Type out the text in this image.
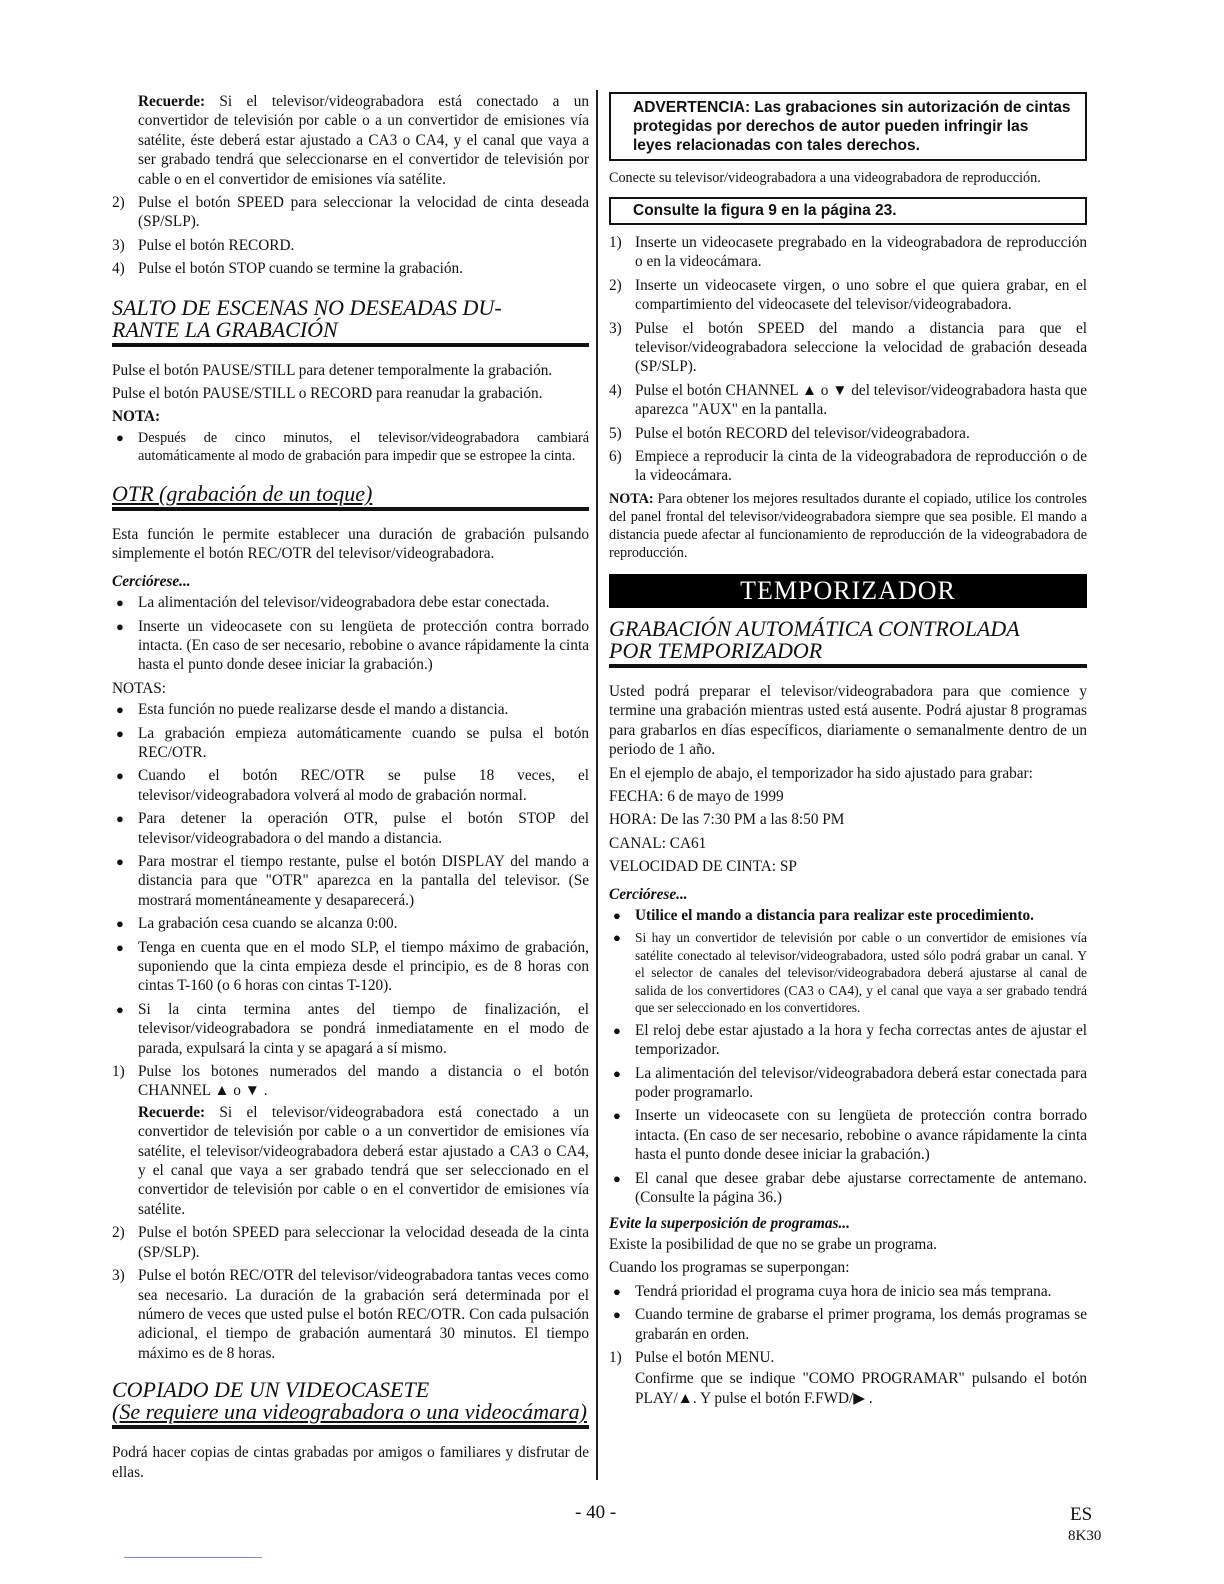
Recuerde: Si el televisor/videograbadora está conectado a un convertidor de televisión por cable o a un convertidor de emisiones vía satélite, éste deberá estar ajustado a CA3 o CA4, y el canal que vaya a ser grabado tendrá que seleccionarse en el convertidor de televisión por cable o en el convertidor de emisiones vía satélite.

2) Pulse el botón SPEED para seleccionar la velocidad de cinta deseada (SP/SLP).
3) Pulse el botón RECORD.
4) Pulse el botón STOP cuando se termine la grabación.
SALTO DE ESCENAS NO DESEADAS DU-
RANTE LA GRABACIÓN

Pulse el botón PAUSE/STILL para detener temporalmente la grabación.

Pulse el botón PAUSE/STILL o RECORD para reanudar la grabación.

NOTA:

● Después de cinco minutos, el televisor/videograbadora cambiará automáticamente al modo de grabación para impedir que se estropee la cinta.
OTR (grabación de un toque)

Esta función le permite establecer una duración de grabación pulsando simplemente el botón REC/OTR del televisor/videograbadora.

Cerciórese...

● La alimentación del televisor/videograbadora debe estar conectada.
● Inserte un videocasete con su lengüeta de protección contra borrado intacta. (En caso de ser necesario, rebobine o avance rápidamente la cinta hasta el punto donde desee iniciar la grabación.)

NOTAS:

● Esta función no puede realizarse desde el mando a distancia.
● La grabación empieza automáticamente cuando se pulsa el botón REC/OTR.
● Cuando el botón REC/OTR se pulse 18 veces, el televisor/videograbadora volverá al modo de grabación normal.
● Para detener la operación OTR, pulse el botón STOP del televisor/videograbadora o del mando a distancia.
● Para mostrar el tiempo restante, pulse el botón DISPLAY del mando a distancia para que "OTR" aparezca en la pantalla del televisor. (Se mostrará momentáneamente y desaparecerá.)
● La grabación cesa cuando se alcanza 0:00.
● Tenga en cuenta que en el modo SLP, el tiempo máximo de grabación, suponiendo que la cinta empieza desde el principio, es de 8 horas con cintas T-160 (o 6 horas con cintas T-120).
● Si la cinta termina antes del tiempo de finalización, el televisor/videograbadora se pondrá inmediatamente en el modo de parada, expulsará la cinta y se apagará a sí mismo.
1) Pulse los botones numerados del mando a distancia o el botón CHANNEL ▲ o ▼ .
Recuerde: Si el televisor/videograbadora está conectado a un convertidor de televisión por cable o a un convertidor de emisiones vía satélite, el televisor/videograbadora deberá estar ajustado a CA3 o CA4, y el canal que vaya a ser grabado tendrá que ser seleccionado en el convertidor de televisión por cable o en el convertidor de emisiones vía satélite.
2) Pulse el botón SPEED para seleccionar la velocidad deseada de la cinta (SP/SLP).
3) Pulse el botón REC/OTR del televisor/videograbadora tantas veces como sea necesario. La duración de la grabación será determinada por el número de veces que usted pulse el botón REC/OTR. Con cada pulsación adicional, el tiempo de grabación aumentará 30 minutos. El tiempo máximo es de 8 horas.
COPIADO DE UN VIDEOCASETE
(Se requiere una videograbadora o una videocámara)

Podrá hacer copias de cintas grabadas por amigos o familiares y disfrutar de ellas.

ADVERTENCIA: Las grabaciones sin autorización de cintas protegidas por derechos de autor pueden infringir las leyes relacionadas con tales derechos.

Conecte su televisor/videograbadora a una videograbadora de reproducción.

Consulte la figura 9 en la página 23.
1) Inserte un videocasete pregrabado en la videograbadora de reproducción o en la videocámara.
2) Inserte un videocasete virgen, o uno sobre el que quiera grabar, en el compartimiento del videocasete del televisor/videograbadora.
3) Pulse el botón SPEED del mando a distancia para que el televisor/videograbadora seleccione la velocidad de grabación deseada (SP/SLP).
4) Pulse el botón CHANNEL ▲ o ▼ del televisor/videograbadora hasta que aparezca "AUX" en la pantalla.
5) Pulse el botón RECORD del televisor/videograbadora.
6) Empiece a reproducir la cinta de la videograbadora de reproducción o de la videocámara.

NOTA: Para obtener los mejores resultados durante el copiado, utilice los controles del panel frontal del televisor/videograbadora siempre que sea posible. El mando a distancia puede afectar al funcionamiento de reproducción de la videograbadora de reproducción.

TEMPORIZADOR
GRABACIÓN AUTOMÁTICA CONTROLADA
POR TEMPORIZADOR

Usted podrá preparar el televisor/videograbadora para que comience y termine una grabación mientras usted está ausente. Podrá ajustar 8 programas para grabarlos en días específicos, diariamente o semanalmente dentro de un periodo de 1 año.

En el ejemplo de abajo, el temporizador ha sido ajustado para grabar:

FECHA: 6 de mayo de 1999

HORA: De las 7:30 PM a las 8:50 PM

CANAL: CA61

VELOCIDAD DE CINTA: SP

Cerciórese...

● Utilice el mando a distancia para realizar este procedimiento.
● Si hay un convertidor de televisión por cable o un convertidor de emisiones vía satélite conectado al televisor/videograbadora, usted sólo podrá grabar un canal. Y el selector de canales del televisor/videograbadora deberá ajustarse al canal de salida de los convertidores (CA3 o CA4), y el canal que vaya a ser grabado tendrá que ser seleccionado en los convertidores.
● El reloj debe estar ajustado a la hora y fecha correctas antes de ajustar el temporizador.
● La alimentación del televisor/videograbadora deberá estar conectada para poder programarlo.
● Inserte un videocasete con su lengüeta de protección contra borrado intacta. (En caso de ser necesario, rebobine o avance rápidamente la cinta hasta el punto donde desee iniciar la grabación.)
● El canal que desee grabar debe ajustarse correctamente de antemano. (Consulte la página 36.)

Evite la superposición de programas...

Existe la posibilidad de que no se grabe un programa.

Cuando los programas se superpongan:

● Tendrá prioridad el programa cuya hora de inicio sea más temprana.
● Cuando termine de grabarse el primer programa, los demás programas se grabarán en orden.
1) Pulse el botón MENU.
Confirme que se indique "COMO PROGRAMAR" pulsando el botón PLAY/▲. Y pulse el botón F.FWD/▶ .
- 40 -	ES
8K30
